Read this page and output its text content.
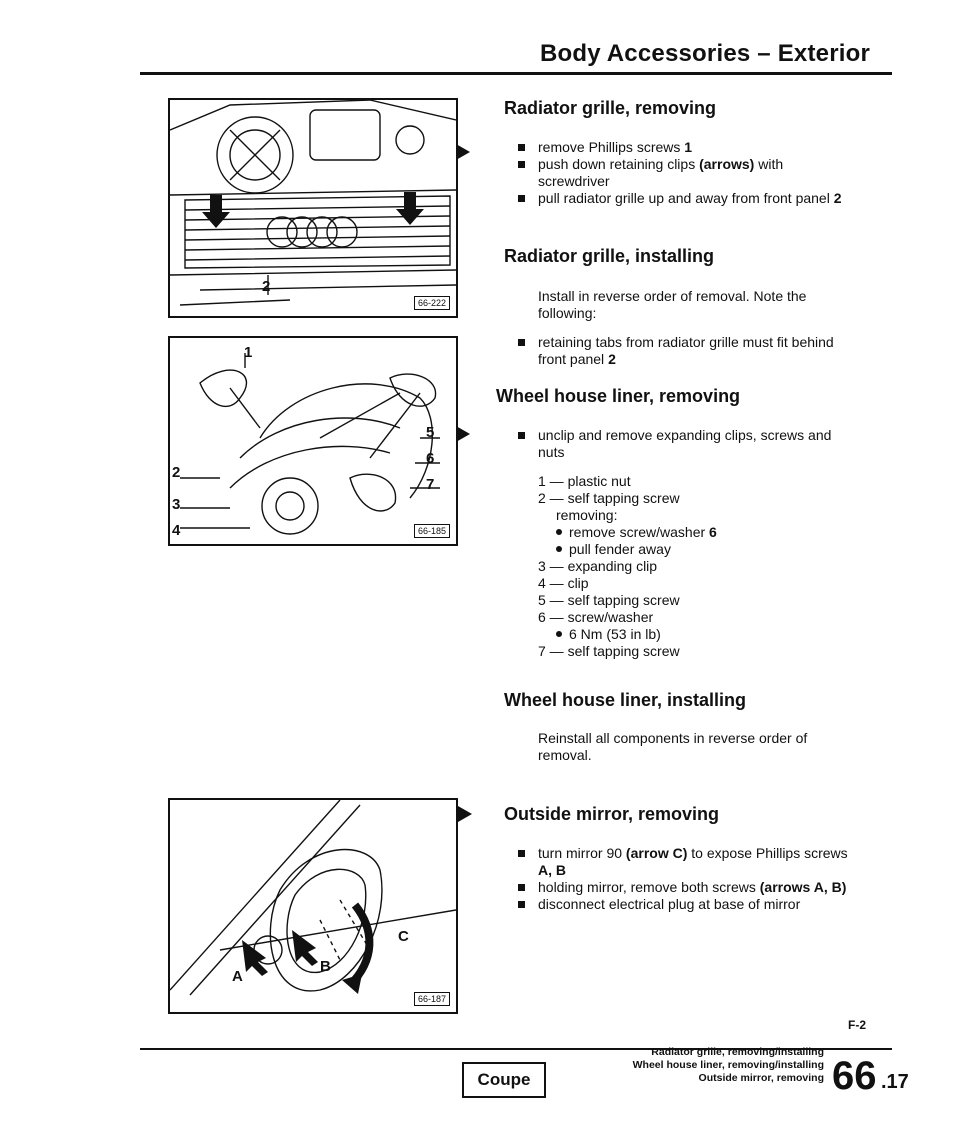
Body Accessories – Exterior
2
66-222
1
2
3
4
5
6
7
66-185
A
B
C
66-187
Radiator grille, removing
remove Phillips screws 1
push down retaining clips (arrows) with screwdriver
pull radiator grille up and away from front panel 2
Radiator grille, installing
Install in reverse order of removal. Note the following:
retaining tabs from radiator grille must fit behind front panel 2
Wheel house liner, removing
unclip and remove expanding clips, screws and nuts
1 — plastic nut
2 — self tapping screw
removing:
remove screw/washer 6
pull fender away
3 — expanding clip
4 — clip
5 — self tapping screw
6 — screw/washer
6 Nm (53 in lb)
7 — self tapping screw
Wheel house liner, installing
Reinstall all components in reverse order of removal.
Outside mirror, removing
turn mirror 90 (arrow C) to expose Phillips screws A, B
holding mirror, remove both screws (arrows A, B)
disconnect electrical plug at base of mirror
F-2
Coupe
Radiator grille, removing/installing
Wheel house liner, removing/installing
Outside mirror, removing 66 .17
